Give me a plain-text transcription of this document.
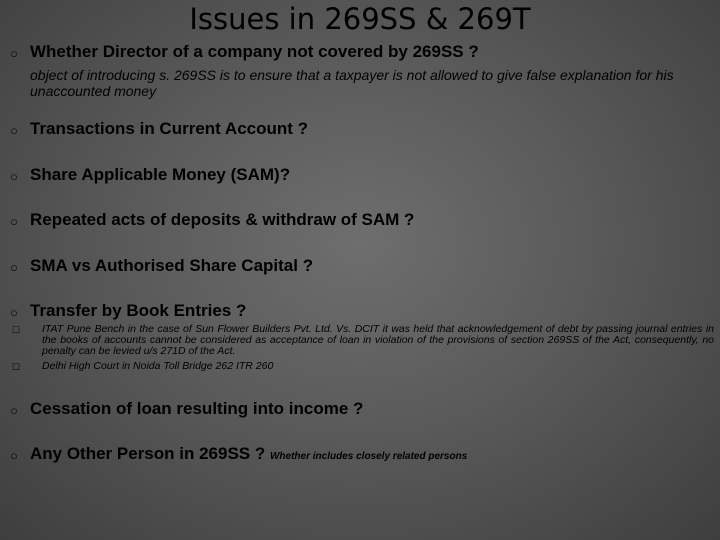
Issues in 269SS & 269T
○ Whether Director of a company not covered by 269SS ?
object of introducing s. 269SS is to ensure that a taxpayer is not allowed to give false explanation for his unaccounted money
○ Transactions in Current Account ?
○ Share Applicable Money (SAM)?
○ Repeated acts of deposits & withdraw of SAM ?
○ SMA vs Authorised Share Capital ?
○ Transfer by Book Entries ?
☐ ITAT Pune Bench in the case of Sun Flower Builders Pvt. Ltd. Vs. DCIT it was held that acknowledgement of debt by passing journal entries in the books of accounts cannot be considered as acceptance of loan in violation of the provisions of section 269SS of the Act, consequently, no penalty can be levied u/s 271D of the Act.
☐ Delhi High Court in Noida Toll Bridge 262 ITR 260
○ Cessation of loan resulting into income ?
○ Any Other Person in 269SS ? Whether includes closely related persons
